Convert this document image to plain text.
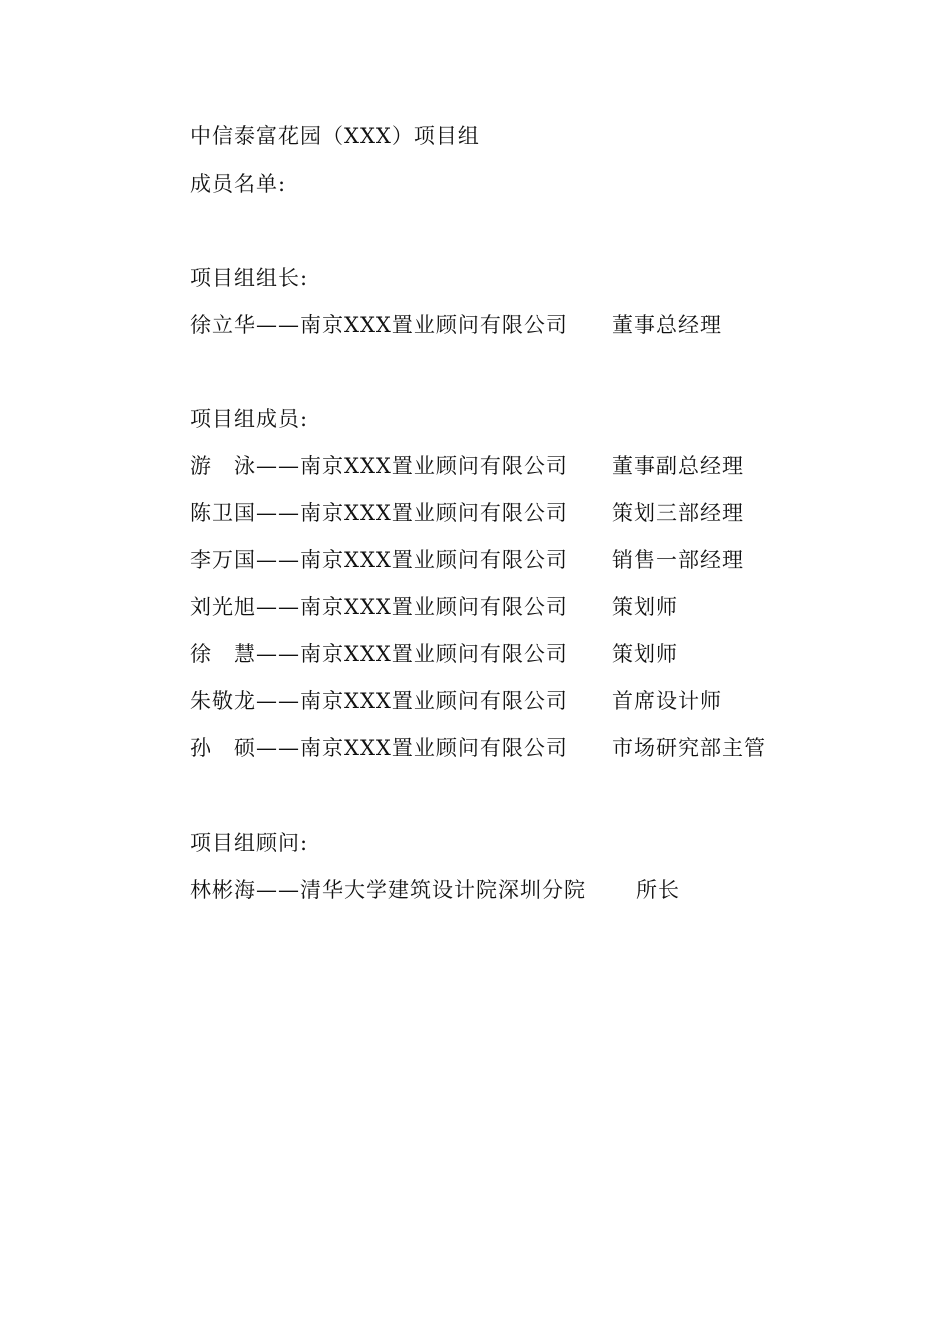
中信泰富花园（XXX）项目组
成员名单:
项目组组长:
徐立华——南京XXX置业顾问有限公司 董事总经理
项目组成员:
游　泳——南京XXX置业顾问有限公司 董事副总经理
陈卫国——南京XXX置业顾问有限公司 策划三部经理
李万国——南京XXX置业顾问有限公司 销售一部经理
刘光旭——南京XXX置业顾问有限公司 策划师
徐　慧——南京XXX置业顾问有限公司 策划师
朱敬龙——南京XXX置业顾问有限公司 首席设计师
孙　硕——南京XXX置业顾问有限公司 市场研究部主管
项目组顾问:
林彬海——清华大学建筑设计院深圳分院 所长
